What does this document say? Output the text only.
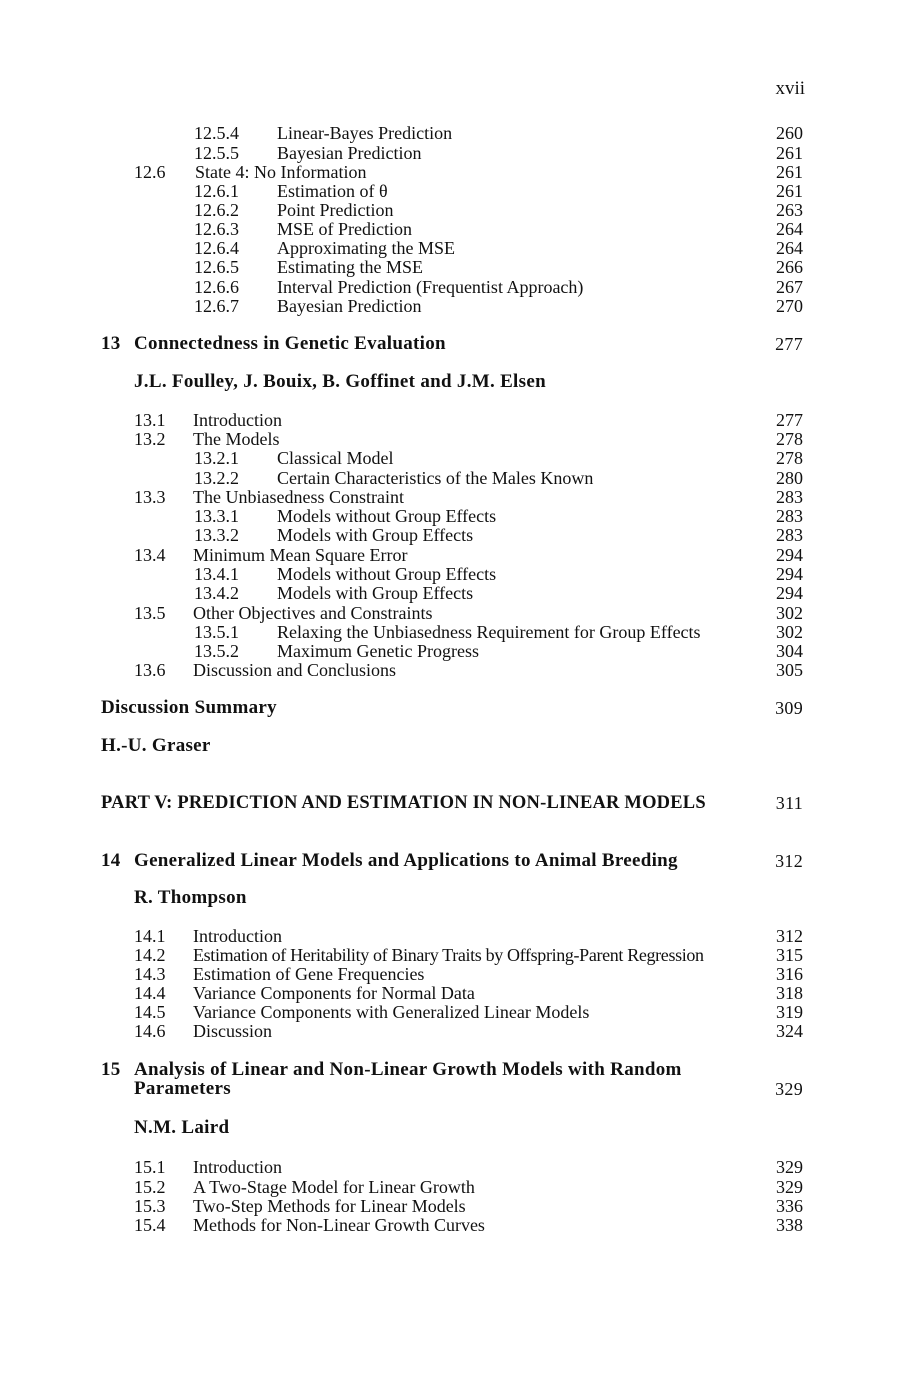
xvii
12.5.4 Linear-Bayes Prediction	260
12.5.5 Bayesian Prediction	261
12.6 State 4: No Information	261
12.6.1 Estimation of θ	261
12.6.2 Point Prediction	263
12.6.3 MSE of Prediction	264
12.6.4 Approximating the MSE	264
12.6.5 Estimating the MSE	266
12.6.6 Interval Prediction (Frequentist Approach)	267
12.6.7 Bayesian Prediction	270
13 Connectedness in Genetic Evaluation	277
J.L. Foulley, J. Bouix, B. Goffinet and J.M. Elsen
13.1 Introduction	277
13.2 The Models	278
13.2.1 Classical Model	278
13.2.2 Certain Characteristics of the Males Known	280
13.3 The Unbiasedness Constraint	283
13.3.1 Models without Group Effects	283
13.3.2 Models with Group Effects	283
13.4 Minimum Mean Square Error	294
13.4.1 Models without Group Effects	294
13.4.2 Models with Group Effects	294
13.5 Other Objectives and Constraints	302
13.5.1 Relaxing the Unbiasedness Requirement for Group Effects	302
13.5.2 Maximum Genetic Progress	304
13.6 Discussion and Conclusions	305
Discussion Summary	309
H.-U. Graser
PART V: PREDICTION AND ESTIMATION IN NON-LINEAR MODELS	311
14 Generalized Linear Models and Applications to Animal Breeding	312
R. Thompson
14.1 Introduction	312
14.2 Estimation of Heritability of Binary Traits by Offspring-Parent Regression	315
14.3 Estimation of Gene Frequencies	316
14.4 Variance Components for Normal Data	318
14.5 Variance Components with Generalized Linear Models	319
14.6 Discussion	324
15 Analysis of Linear and Non-Linear Growth Models with Random
Parameters	329
N.M. Laird
15.1 Introduction	329
15.2 A Two-Stage Model for Linear Growth	329
15.3 Two-Step Methods for Linear Models	336
15.4 Methods for Non-Linear Growth Curves	338
